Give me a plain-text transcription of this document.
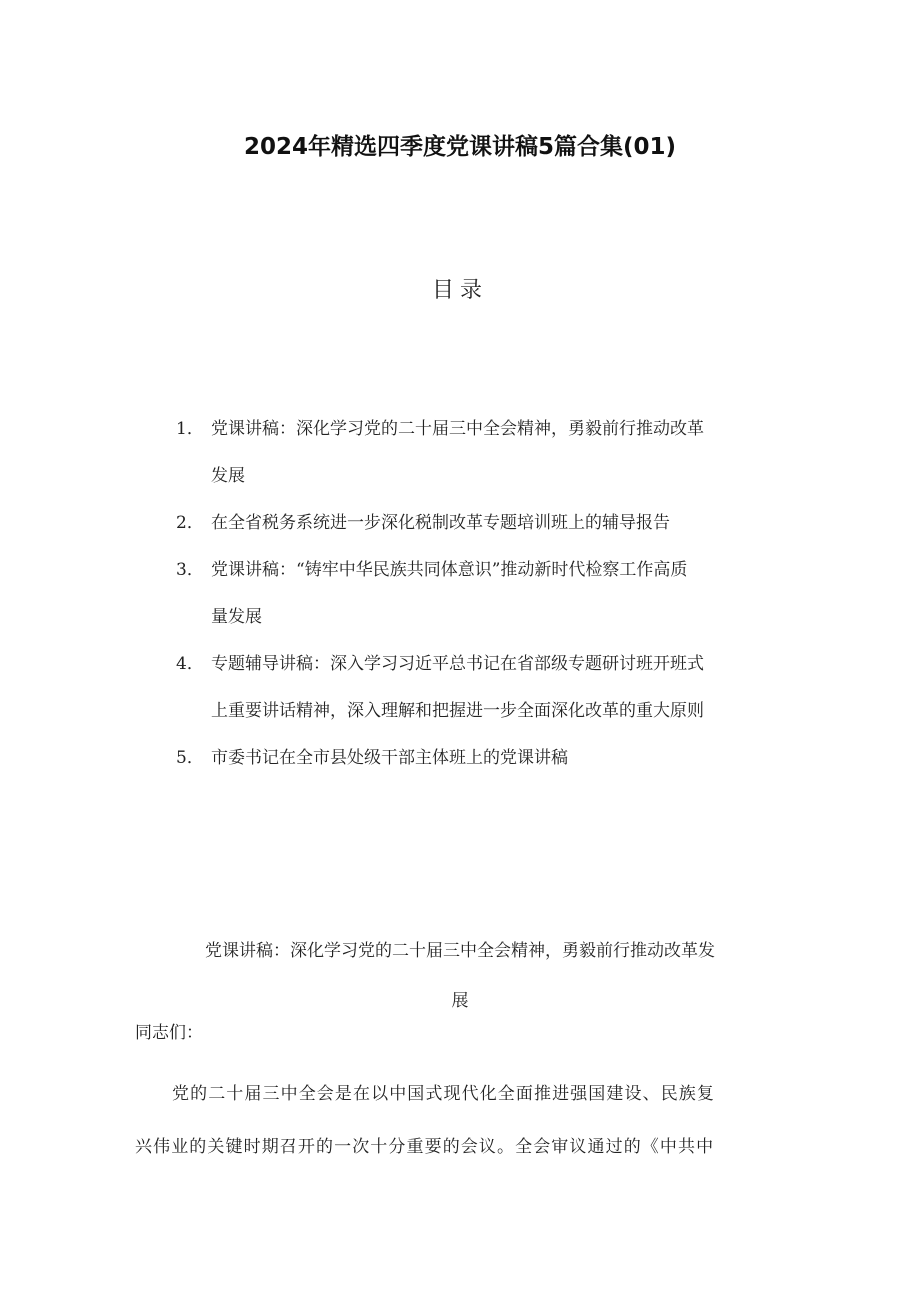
2024年精选四季度党课讲稿5篇合集(01)
目录
1． 党课讲稿：深化学习党的二十届三中全会精神，勇毅前行推动改革
发展
2． 在全省税务系统进一步深化税制改革专题培训班上的辅导报告
3． 党课讲稿：“铸牢中华民族共同体意识”推动新时代检察工作高质
量发展
4． 专题辅导讲稿：深入学习习近平总书记在省部级专题研讨班开班式
上重要讲话精神，深入理解和把握进一步全面深化改革的重大原则
5． 市委书记在全市县处级干部主体班上的党课讲稿
党课讲稿：深化学习党的二十届三中全会精神，勇毅前行推动改革发
展
同志们：
党的二十届三中全会是在以中国式现代化全面推进强国建设、民族复
兴伟业的关键时期召开的一次十分重要的会议。全会审议通过的《中共中
